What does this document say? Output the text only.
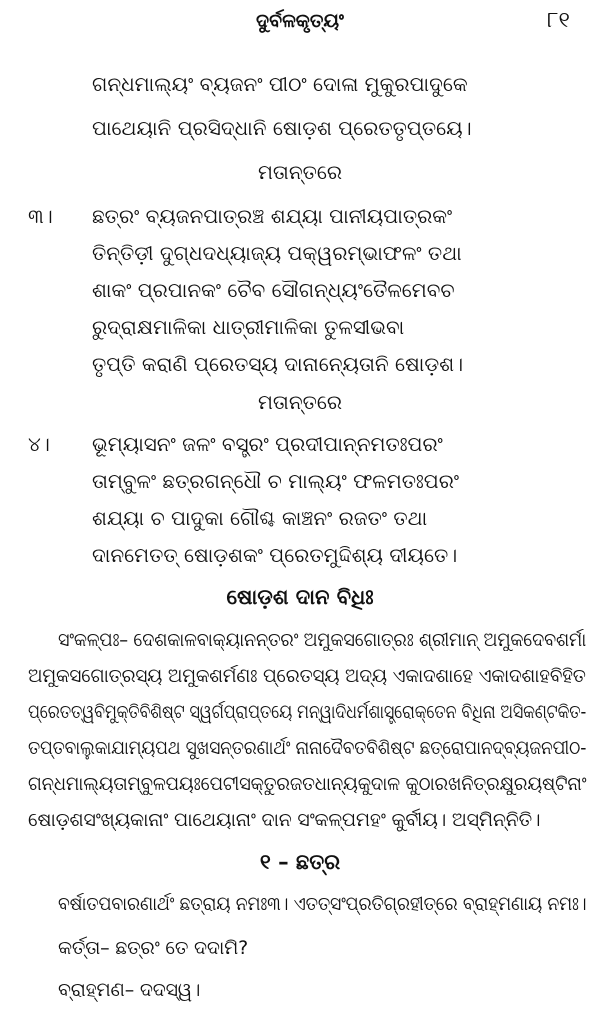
ଦୁର୍ବଳକୃତ୍ୟଂ	୮୧
ଗନ୍ଧମାଲ୍ୟଂ ବ୍ୟଜନଂ ପୀଠଂ ଦୋଳା ମୁକୁରପାଦୁକେ
ପାଥେୟାନି ପ୍ରସିଦ୍ଧାନି ଷୋଡ଼ଶ ପ୍ରେତତୃପ୍ତୟେ।
ମତାନ୍ତରେ
୩। ଛତ୍ରଂ ବ୍ୟଜନପାତ୍ରଞ୍ଚ ଶଯ୍ୟା ପାନୀୟପାତ୍ରକଂ
ତିନ୍ତିଡ଼ୀ ଦୁଗ୍ଧଦଧ୍ୟାଜ୍ୟ ପକ୍ୱରମ୍ଭାଫଳଂ ତଥା
ଶାକଂ ପ୍ରପାନକଂ ଚୈବ ସୌଗନ୍ଧ୍ୟଂତୈଳମେବଚ
ରୁଦ୍ରାକ୍ଷମାଳିକା ଧାତ୍ରୀମାଳିକା ତୁଳସୀଭବା
ତୃପ୍ତି କରାଣି ପ୍ରେତସ୍ୟ ଦାନାନ୍ୟେତାନି ଷୋଡ଼ଶ।
ମତାନ୍ତରେ
୪। ଭୂମ୍ୟାସନଂ ଜଳଂ ବସ୍ତ୍ରଂ ପ୍ରଦୀପାନ୍ନମତଃପରଂ
ତାମ୍ବୁଳଂ ଛତ୍ରଗନ୍ଧୌ ଚ ମାଲ୍ୟଂ ଫଳମତଃପରଂ
ଶଯ୍ୟା ଚ ପାଦୁକା ଗୌଶ୍ଚ କାଞ୍ଚନଂ ରଜତଂ ତଥା
ଦାନମେତତ୍ ଷୋଡ଼ଶକଂ ପ୍ରେତମୁଦ୍ଦିଶ୍ୟ ଦୀୟତେ।
ଷୋଡ଼ଶ ଦାନ ବିଧିଃ
ସଂକଳ୍ପଃ– ଦେଶକାଳବାକ୍ୟାନନ୍ତରଂ ଅମୁକସଗୋତ୍ରଃ ଶ୍ରୀମାନ୍ ଅମୁକଦେବଶର୍ମା
ଅମୁକସଗୋତ୍ରସ୍ୟ ଅମୁକଶର୍ମଣଃ ପ୍ରେତସ୍ୟ ଅଦ୍ୟ ଏକାଦଶାହେ ଏକାଦଶାହବିହିତ
ପ୍ରେତତ୍ୱବିମୁକ୍ତିବିଶିଷ୍ଟ ସ୍ୱର୍ଗପ୍ରାପ୍ତୟେ ମନ୍ୱାଦିଧର୍ମଶାସ୍ତ୍ରୋକ୍ତେନ ବିଧିନା ଅସିକଣ୍ଟକିତ-
ତପ୍ତବାଲୁକାଯାମ୍ୟପଥ ସୁଖସନ୍ତରଣାର୍ଥଂ ନାନାଦୈବତବିଶିଷ୍ଟ ଛତ୍ରୋପାନଦ୍ବ୍ୟଜନପୀଠ-
ଗନ୍ଧମାଲ୍ୟତାମ୍ବୁଳପୟଃପେଟୀସକ୍ତୁରଜତଧାନ୍ୟକୁଦାଳ କୁଠାରଖନିତ୍ରକ୍ଷୁରୟଷ୍ଟିନାଂ
ଷୋଡ଼ଶସଂଖ୍ୟକାନାଂ ପାଥେୟାନାଂ ଦାନ ସଂକଳ୍ପମହଂ କୁର୍ବୀୟ। ଅସ୍ମିନ୍ନିତି।
୧ – ଛତ୍ର
ବର୍ଷାତପବାରଣାର୍ଥଂ ଛତ୍ରାୟ ନମଃ୩। ଏତତ୍‌ସଂପ୍ରତିଗ୍ରହୀତ୍ରେ ବ୍ରାହ୍ମଣାୟ ନମଃ।
କର୍ତ୍ତା– ଛତ୍ରଂ ତେ ଦଦାମି?
ବ୍ରାହ୍ମଣ– ଦଦସ୍ୱ।
